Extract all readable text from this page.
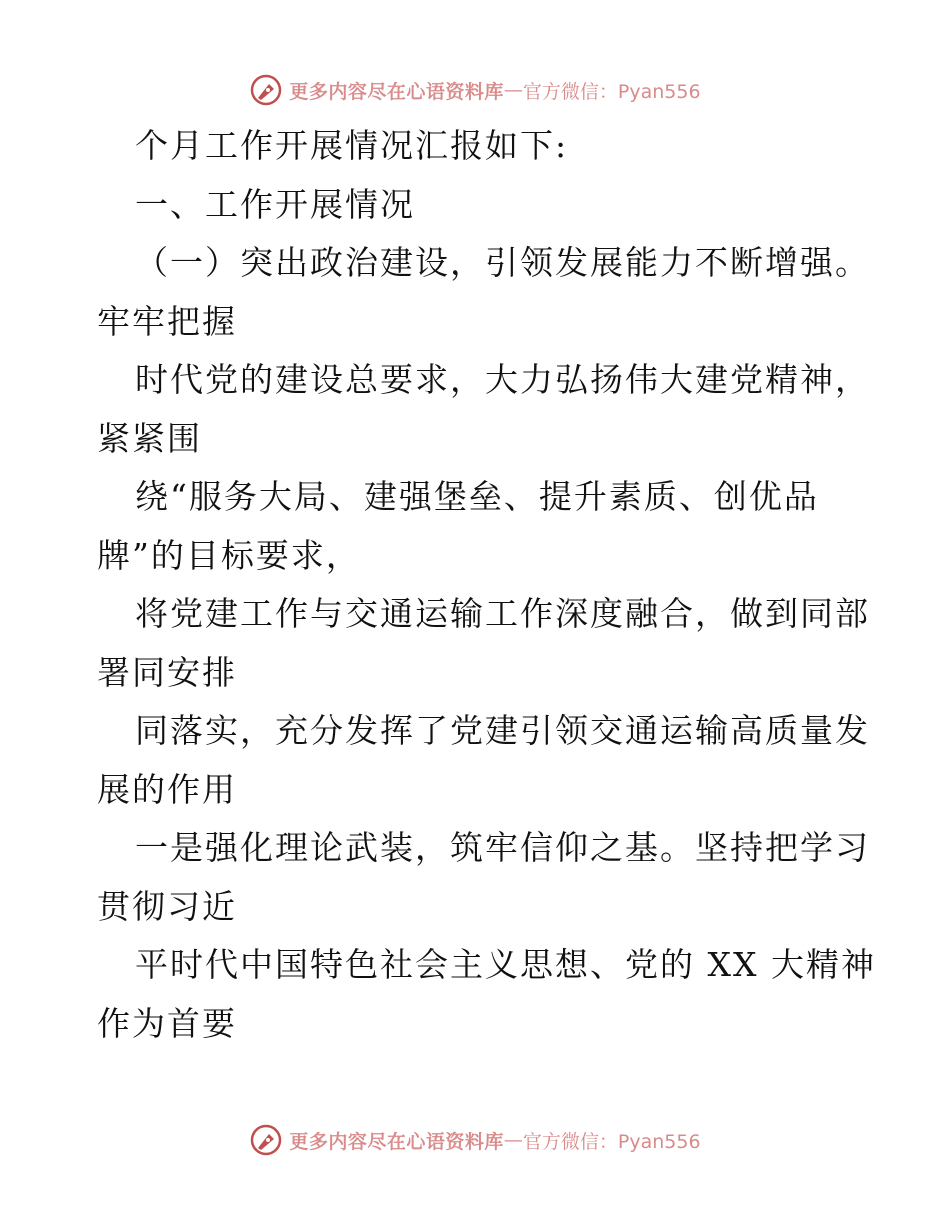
更多内容尽在心语资料库 — 官方微信：Pyan556
个月工作开展情况汇报如下:
一、工作开展情况
（一）突出政治建设，引领发展能力不断增强。
牢牢把握
时代党的建设总要求，大力弘扬伟大建党精神，
紧紧围
绕“服务大局、建强堡垒、提升素质、创优品
牌”的目标要求，
将党建工作与交通运输工作深度融合，做到同部
署同安排
同落实，充分发挥了党建引领交通运输高质量发
展的作用
一是强化理论武装，筑牢信仰之基。坚持把学习
贯彻习近
平时代中国特色社会主义思想、党的 XX 大精神
作为首要
更多内容尽在心语资料库 — 官方微信：Pyan556
